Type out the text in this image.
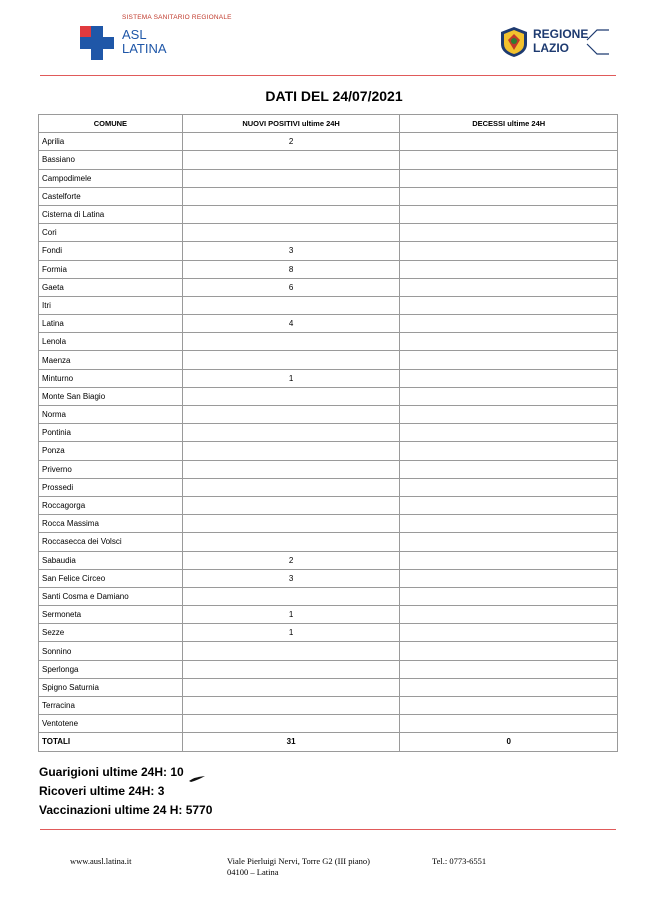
SISTEMA SANITARIO REGIONALE
ASL
LATINA
REGIONE
LAZIO
DATI DEL 24/07/2021
COMUNE	NUOVI POSITIVI ultime 24H	DECESSI ultime 24H
Aprilia	2	
Bassiano		
Campodimele		
Castelforte		
Cisterna di Latina		
Cori		
Fondi	3	
Formia	8	
Gaeta	6	
Itri		
Latina	4	
Lenola		
Maenza		
Minturno	1	
Monte San Biagio		
Norma		
Pontinia		
Ponza		
Priverno		
Prossedi		
Roccagorga		
Rocca Massima		
Roccasecca dei Volsci		
Sabaudia	2	
San Felice Circeo	3	
Santi Cosma e Damiano		
Sermoneta	1	
Sezze	1	
Sonnino		
Sperlonga		
Spigno Saturnia		
Terracina		
Ventotene		
TOTALI	31	0
Guarigioni ultime 24H: 10
Ricoveri ultime 24H: 3
Vaccinazioni ultime 24 H: 5770
www.ausl.latina.it	Viale Pierluigi Nervi, Torre G2 (III piano)
04100 – Latina
Tel.: 0773-6551
